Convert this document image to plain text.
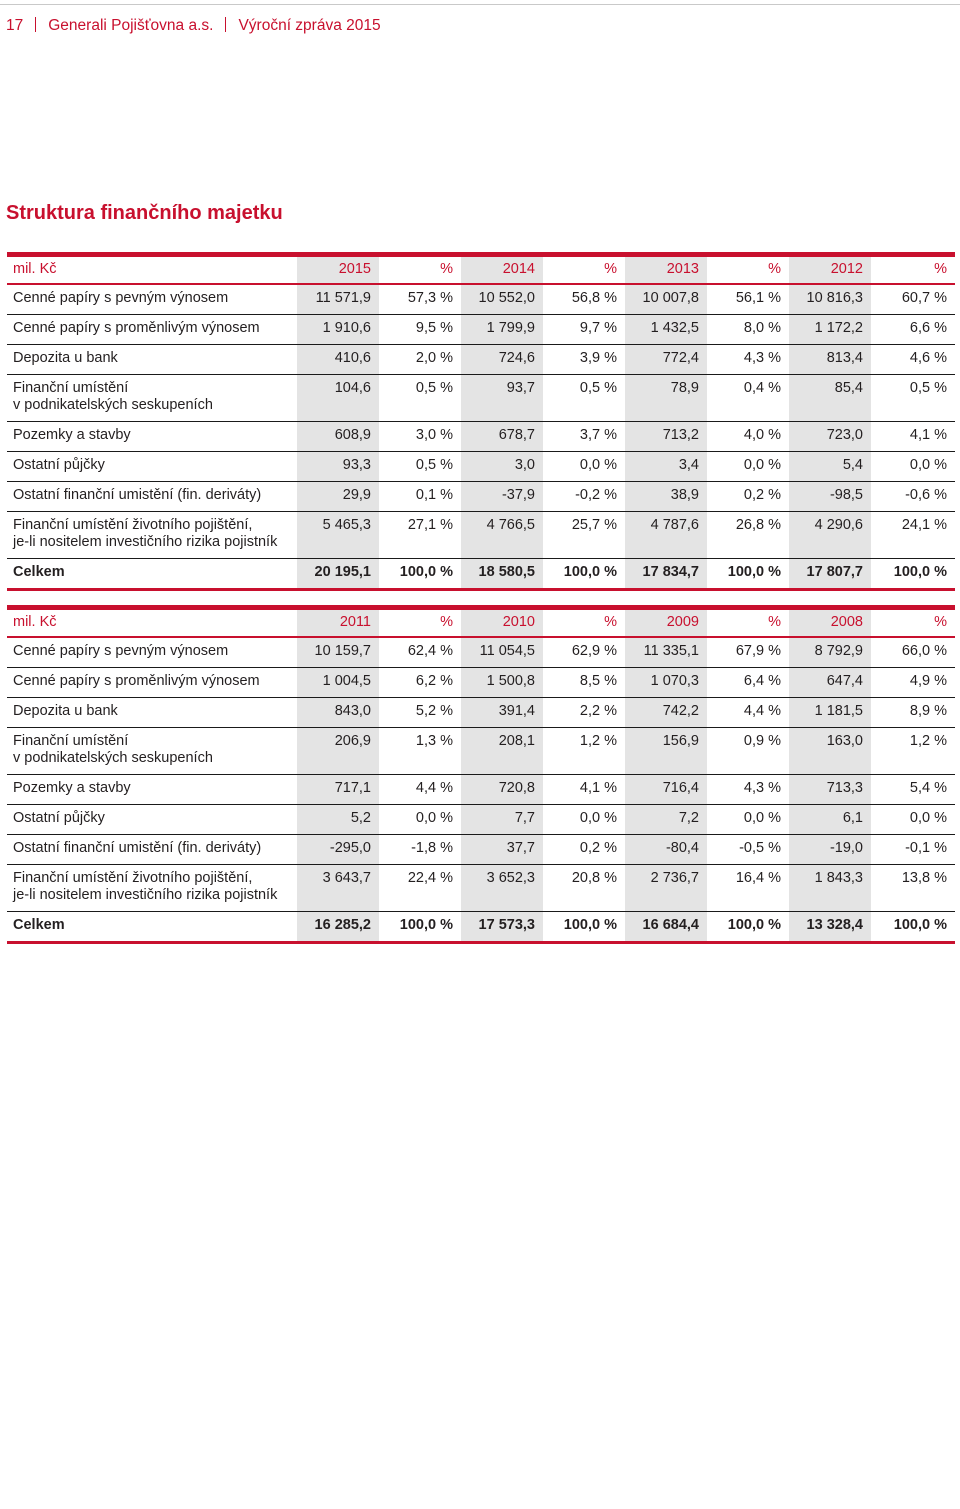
17 Generali Pojišťovna a.s. Výroční zpráva 2015
Struktura finančního majetku
mil. Kč	2015	%	2014	%	2013	%	2012	%

Cenné papíry s pevným výnosem	11 571,9	57,3 %	10 552,0	56,8 %	10 007,8	56,1 %	10 816,3	60,7 %

Cenné papíry s proměnlivým výnosem	1 910,6	9,5 %	1 799,9	9,7 %	1 432,5	8,0 %	1 172,2	6,6 %

Depozita u bank	410,6	2,0 %	724,6	3,9 %	772,4	4,3 %	813,4	4,6 %

Finanční umístění
v podnikatelských seskupeních	104,6	0,5 %	93,7	0,5 %	78,9	0,4 %	85,4	0,5 %

Pozemky a stavby	608,9	3,0 %	678,7	3,7 %	713,2	4,0 %	723,0	4,1 %

Ostatní půjčky	93,3	0,5 %	3,0	0,0 %	3,4	0,0 %	5,4	0,0 %

Ostatní finanční umistění (fin. deriváty)	29,9	0,1 %	-37,9	-0,2 %	38,9	0,2 %	-98,5	-0,6 %

Finanční umístění životního pojištění,
je-li nositelem investičního rizika pojistník	5 465,3	27,1 %	4 766,5	25,7 %	4 787,6	26,8 %	4 290,6	24,1 %
Celkem	20 195,1	100,0 %	18 580,5	100,0 %	17 834,7	100,0 %	17 807,7	100,0 %
mil. Kč	2011	%	2010	%	2009	%	2008	%

Cenné papíry s pevným výnosem	10 159,7	62,4 %	11 054,5	62,9 %	11 335,1	67,9 %	8 792,9	66,0 %

Cenné papíry s proměnlivým výnosem	1 004,5	6,2 %	1 500,8	8,5 %	1 070,3	6,4 %	647,4	4,9 %

Depozita u bank	843,0	5,2 %	391,4	2,2 %	742,2	4,4 %	1 181,5	8,9 %

Finanční umístění
v podnikatelských seskupeních	206,9	1,3 %	208,1	1,2 %	156,9	0,9 %	163,0	1,2 %

Pozemky a stavby	717,1	4,4 %	720,8	4,1 %	716,4	4,3 %	713,3	5,4 %

Ostatní půjčky	5,2	0,0 %	7,7	0,0 %	7,2	0,0 %	6,1	0,0 %

Ostatní finanční umistění (fin. deriváty)	-295,0	-1,8 %	37,7	0,2 %	-80,4	-0,5 %	-19,0	-0,1 %

Finanční umístění životního pojištění,
je-li nositelem investičního rizika pojistník	3 643,7	22,4 %	3 652,3	20,8 %	2 736,7	16,4 %	1 843,3	13,8 %
Celkem	16 285,2	100,0 %	17 573,3	100,0 %	16 684,4	100,0 %	13 328,4	100,0 %
